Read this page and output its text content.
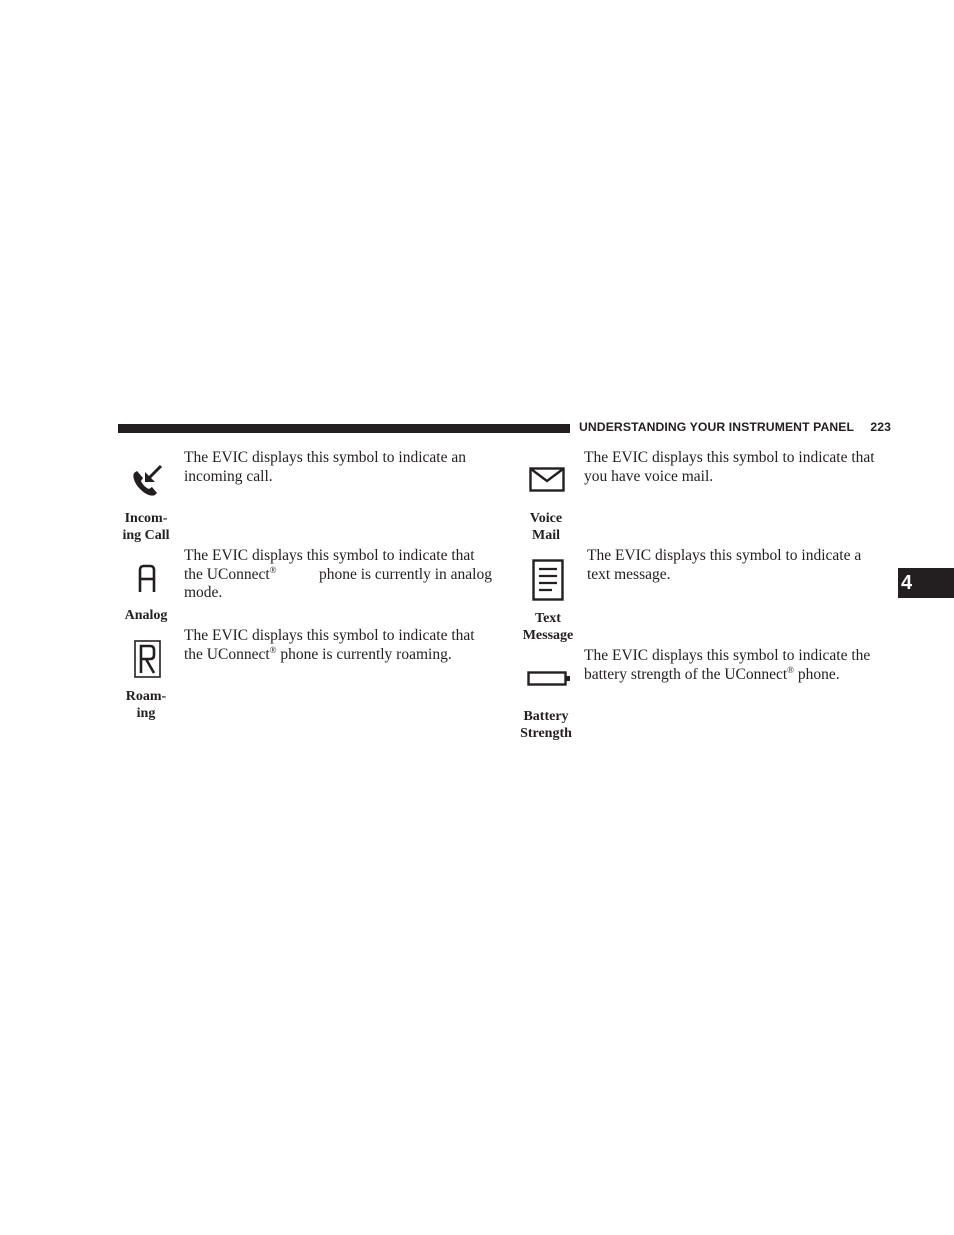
UNDERSTANDING YOUR INSTRUMENT PANEL 223
4
Incom-
ing Call
The EVIC displays this symbol to indicate an
incoming call.
Analog
The EVIC displays this symbol to indicate that
the UConnect®	phone is currently in analog
mode.
Roam-
ing
The EVIC displays this symbol to indicate that
the UConnect® phone is currently roaming.
Voice
Mail
The EVIC displays this symbol to indicate that
you have voice mail.
Text
Message
The EVIC displays this symbol to indicate a
text message.
Battery
Strength
The EVIC displays this symbol to indicate the
battery strength of the UConnect® phone.
